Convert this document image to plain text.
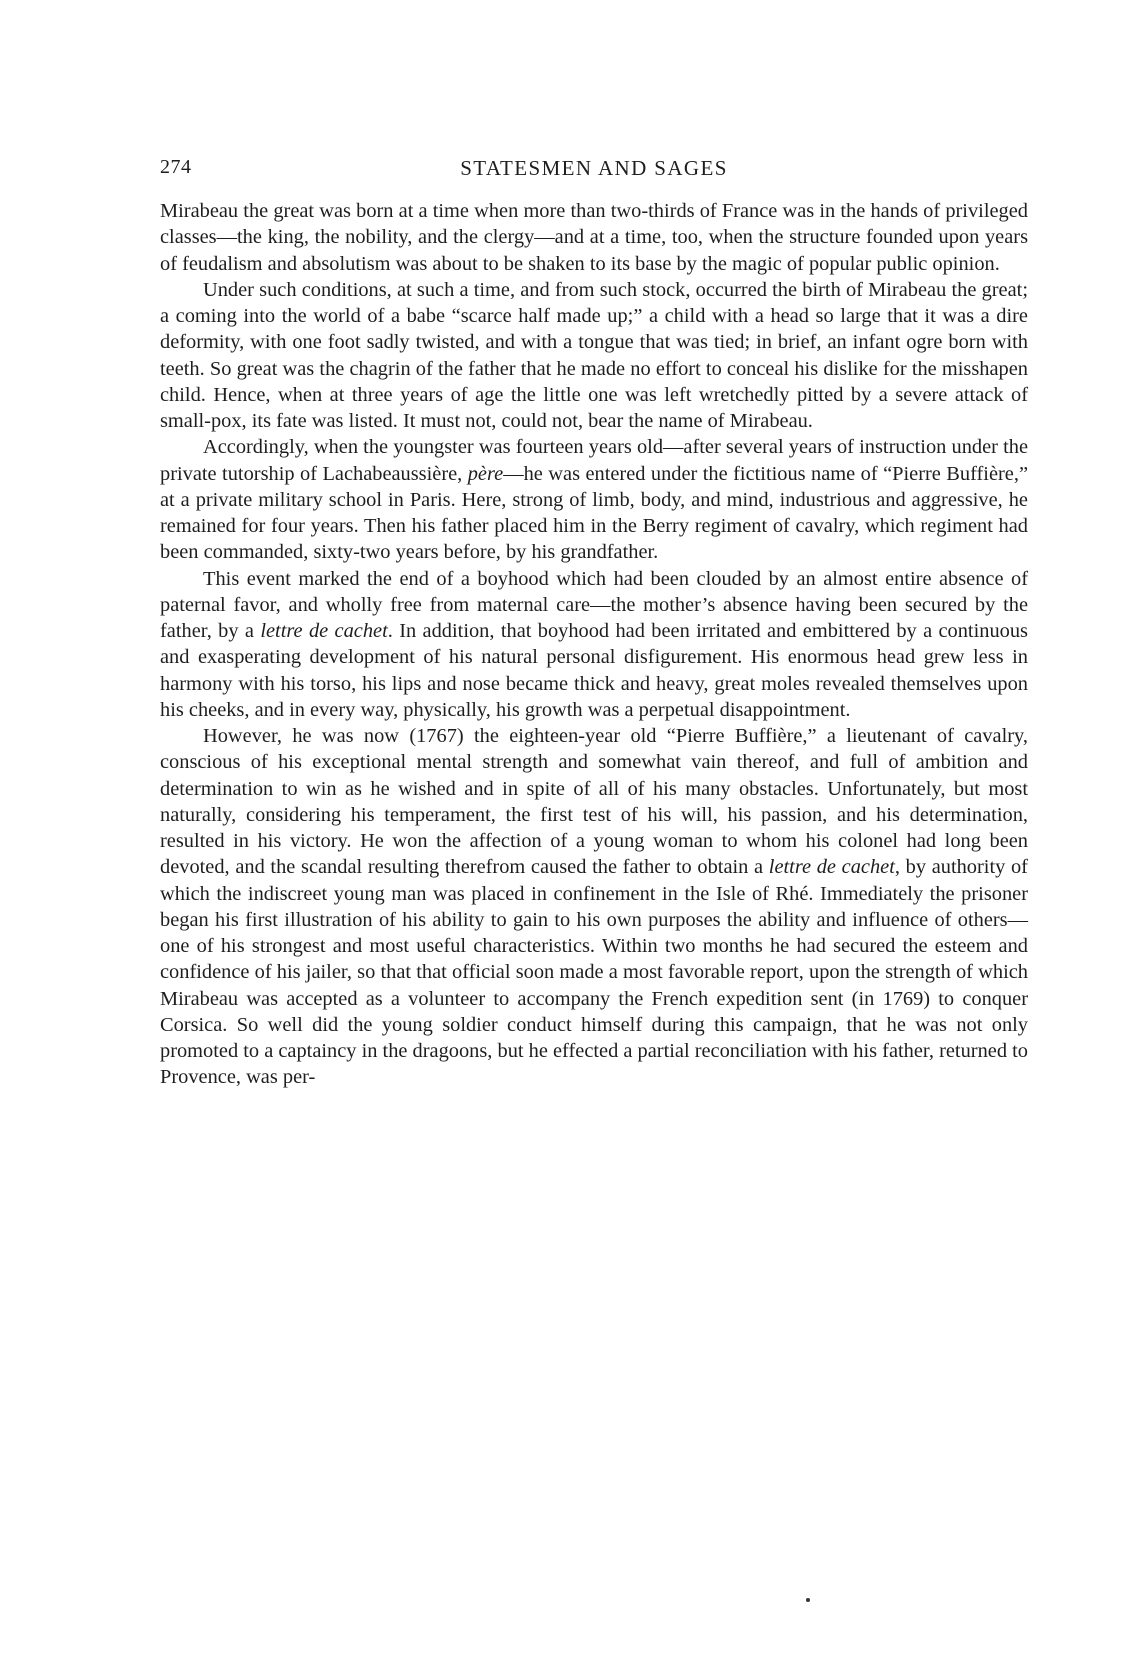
274	STATESMEN AND SAGES

Mirabeau the great was born at a time when more than two-thirds of France was in the hands of privileged classes—the king, the nobility, and the clergy—and at a time, too, when the structure founded upon years of feudalism and absolutism was about to be shaken to its base by the magic of popular public opinion.

Under such conditions, at such a time, and from such stock, occurred the birth of Mirabeau the great; a coming into the world of a babe “scarce half made up;” a child with a head so large that it was a dire deformity, with one foot sadly twisted, and with a tongue that was tied; in brief, an infant ogre born with teeth. So great was the chagrin of the father that he made no effort to conceal his dislike for the misshapen child. Hence, when at three years of age the little one was left wretchedly pitted by a severe attack of small-pox, its fate was listed. It must not, could not, bear the name of Mirabeau.

Accordingly, when the youngster was fourteen years old—after several years of instruction under the private tutorship of Lachabeaussière, père—he was entered under the fictitious name of “Pierre Buffière,” at a private military school in Paris. Here, strong of limb, body, and mind, industrious and aggressive, he remained for four years. Then his father placed him in the Berry regiment of cavalry, which regiment had been commanded, sixty-two years before, by his grandfather.

This event marked the end of a boyhood which had been clouded by an almost entire absence of paternal favor, and wholly free from maternal care—the mother’s absence having been secured by the father, by a lettre de cachet. In addition, that boyhood had been irritated and embittered by a continuous and exasperating development of his natural personal disfigurement. His enormous head grew less in harmony with his torso, his lips and nose became thick and heavy, great moles revealed themselves upon his cheeks, and in every way, physically, his growth was a perpetual disappointment.

However, he was now (1767) the eighteen-year old “Pierre Buffière,” a lieutenant of cavalry, conscious of his exceptional mental strength and somewhat vain thereof, and full of ambition and determination to win as he wished and in spite of all of his many obstacles. Unfortunately, but most naturally, considering his temperament, the first test of his will, his passion, and his determination, resulted in his victory. He won the affection of a young woman to whom his colonel had long been devoted, and the scandal resulting therefrom caused the father to obtain a lettre de cachet, by authority of which the indiscreet young man was placed in confinement in the Isle of Rhé. Immediately the prisoner began his first illustration of his ability to gain to his own purposes the ability and influence of others—one of his strongest and most useful characteristics. Within two months he had secured the esteem and confidence of his jailer, so that that official soon made a most favorable report, upon the strength of which Mirabeau was accepted as a volunteer to accompany the French expedition sent (in 1769) to conquer Corsica. So well did the young soldier conduct himself during this campaign, that he was not only promoted to a captaincy in the dragoons, but he effected a partial reconciliation with his father, returned to Provence, was per-
